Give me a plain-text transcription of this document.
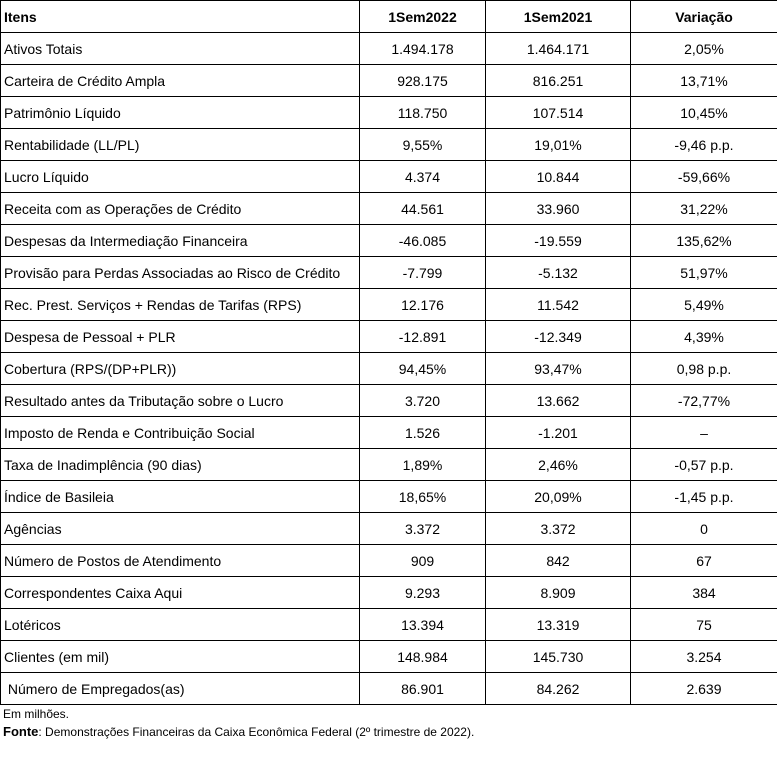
Itens	1Sem2022	1Sem2021	Variação
Ativos Totais	1.494.178	1.464.171	2,05%
Carteira de Crédito Ampla	928.175	816.251	13,71%
Patrimônio Líquido	118.750	107.514	10,45%
Rentabilidade (LL/PL)	9,55%	19,01%	-9,46 p.p.
Lucro Líquido	4.374	10.844	-59,66%
Receita com as Operações de Crédito	44.561	33.960	31,22%
Despesas da Intermediação Financeira	-46.085	-19.559	135,62%
Provisão para Perdas Associadas ao Risco de Crédito	-7.799	-5.132	51,97%
Rec. Prest. Serviços + Rendas de Tarifas (RPS)	12.176	11.542	5,49%
Despesa de Pessoal + PLR	-12.891	-12.349	4,39%
Cobertura (RPS/(DP+PLR))	94,45%	93,47%	0,98 p.p.
Resultado antes da Tributação sobre o Lucro	3.720	13.662	-72,77%
Imposto de Renda e Contribuição Social	1.526	-1.201	–
Taxa de Inadimplência (90 dias)	1,89%	2,46%	-0,57 p.p.
Índice de Basileia	18,65%	20,09%	-1,45 p.p.
Agências	3.372	3.372	0
Número de Postos de Atendimento	909	842	67
Correspondentes Caixa Aqui	9.293	8.909	384
Lotéricos	13.394	13.319	75
Clientes (em mil)	148.984	145.730	3.254
Número de Empregados(as)	86.901	84.262	2.639
Em milhões.
Fonte: Demonstrações Financeiras da Caixa Econômica Federal (2º trimestre de 2022).
